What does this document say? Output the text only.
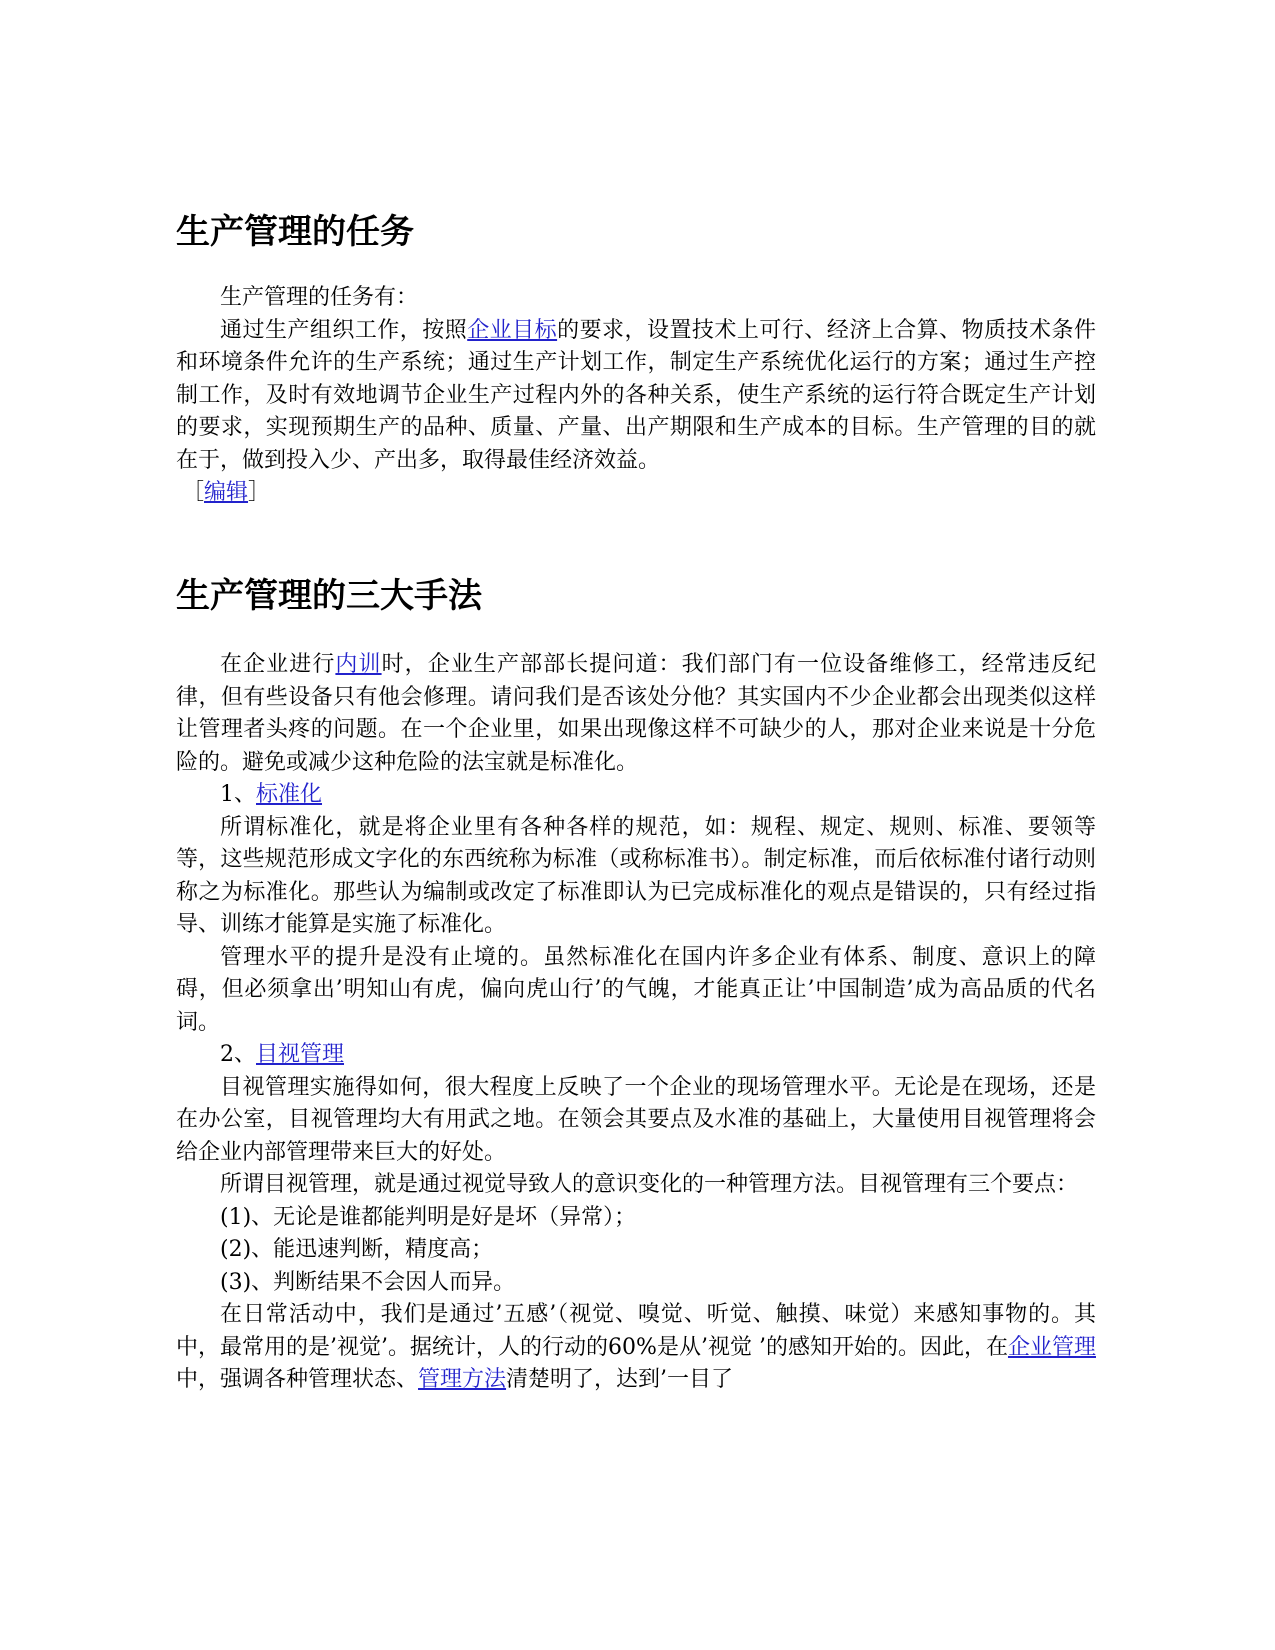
生产管理的任务

生产管理的任务有：

通过生产组织工作，按照企业目标的要求，设置技术上可行、经济上合算、物质技术条件和环境条件允许的生产系统；通过生产计划工作，制定生产系统优化运行的方案；通过生产控制工作，及时有效地调节企业生产过程内外的各种关系，使生产系统的运行符合既定生产计划的要求，实现预期生产的品种、质量、产量、出产期限和生产成本的目标。生产管理的目的就在于，做到投入少、产出多，取得最佳经济效益。

［编辑］

生产管理的三大手法

在企业进行内训时，企业生产部部长提问道：我们部门有一位设备维修工，经常违反纪律，但有些设备只有他会修理。请问我们是否该处分他？其实国内不少企业都会出现类似这样让管理者头疼的问题。在一个企业里，如果出现像这样不可缺少的人，那对企业来说是十分危险的。避免或减少这种危险的法宝就是标准化。

1、标准化

所谓标准化，就是将企业里有各种各样的规范，如：规程、规定、规则、标准、要领等等，这些规范形成文字化的东西统称为标准（或称标准书）。制定标准，而后依标准付诸行动则称之为标准化。那些认为编制或改定了标准即认为已完成标准化的观点是错误的，只有经过指导、训练才能算是实施了标准化。

管理水平的提升是没有止境的。虽然标准化在国内许多企业有体系、制度、意识上的障碍，但必须拿出’明知山有虎，偏向虎山行’的气魄，才能真正让’中国制造’成为高品质的代名词。

2、目视管理

目视管理实施得如何，很大程度上反映了一个企业的现场管理水平。无论是在现场，还是在办公室，目视管理均大有用武之地。在领会其要点及水准的基础上，大量使用目视管理将会给企业内部管理带来巨大的好处。

所谓目视管理，就是通过视觉导致人的意识变化的一种管理方法。目视管理有三个要点：

(1)、无论是谁都能判明是好是坏（异常）；

(2)、能迅速判断，精度高；

(3)、判断结果不会因人而异。

在日常活动中，我们是通过’五感’（视觉、嗅觉、听觉、触摸、味觉）来感知事物的。其中，最常用的是’视觉’。据统计，人的行动的60%是从’视觉 ’的感知开始的。因此，在企业管理中，强调各种管理状态、管理方法清楚明了，达到’一目了
